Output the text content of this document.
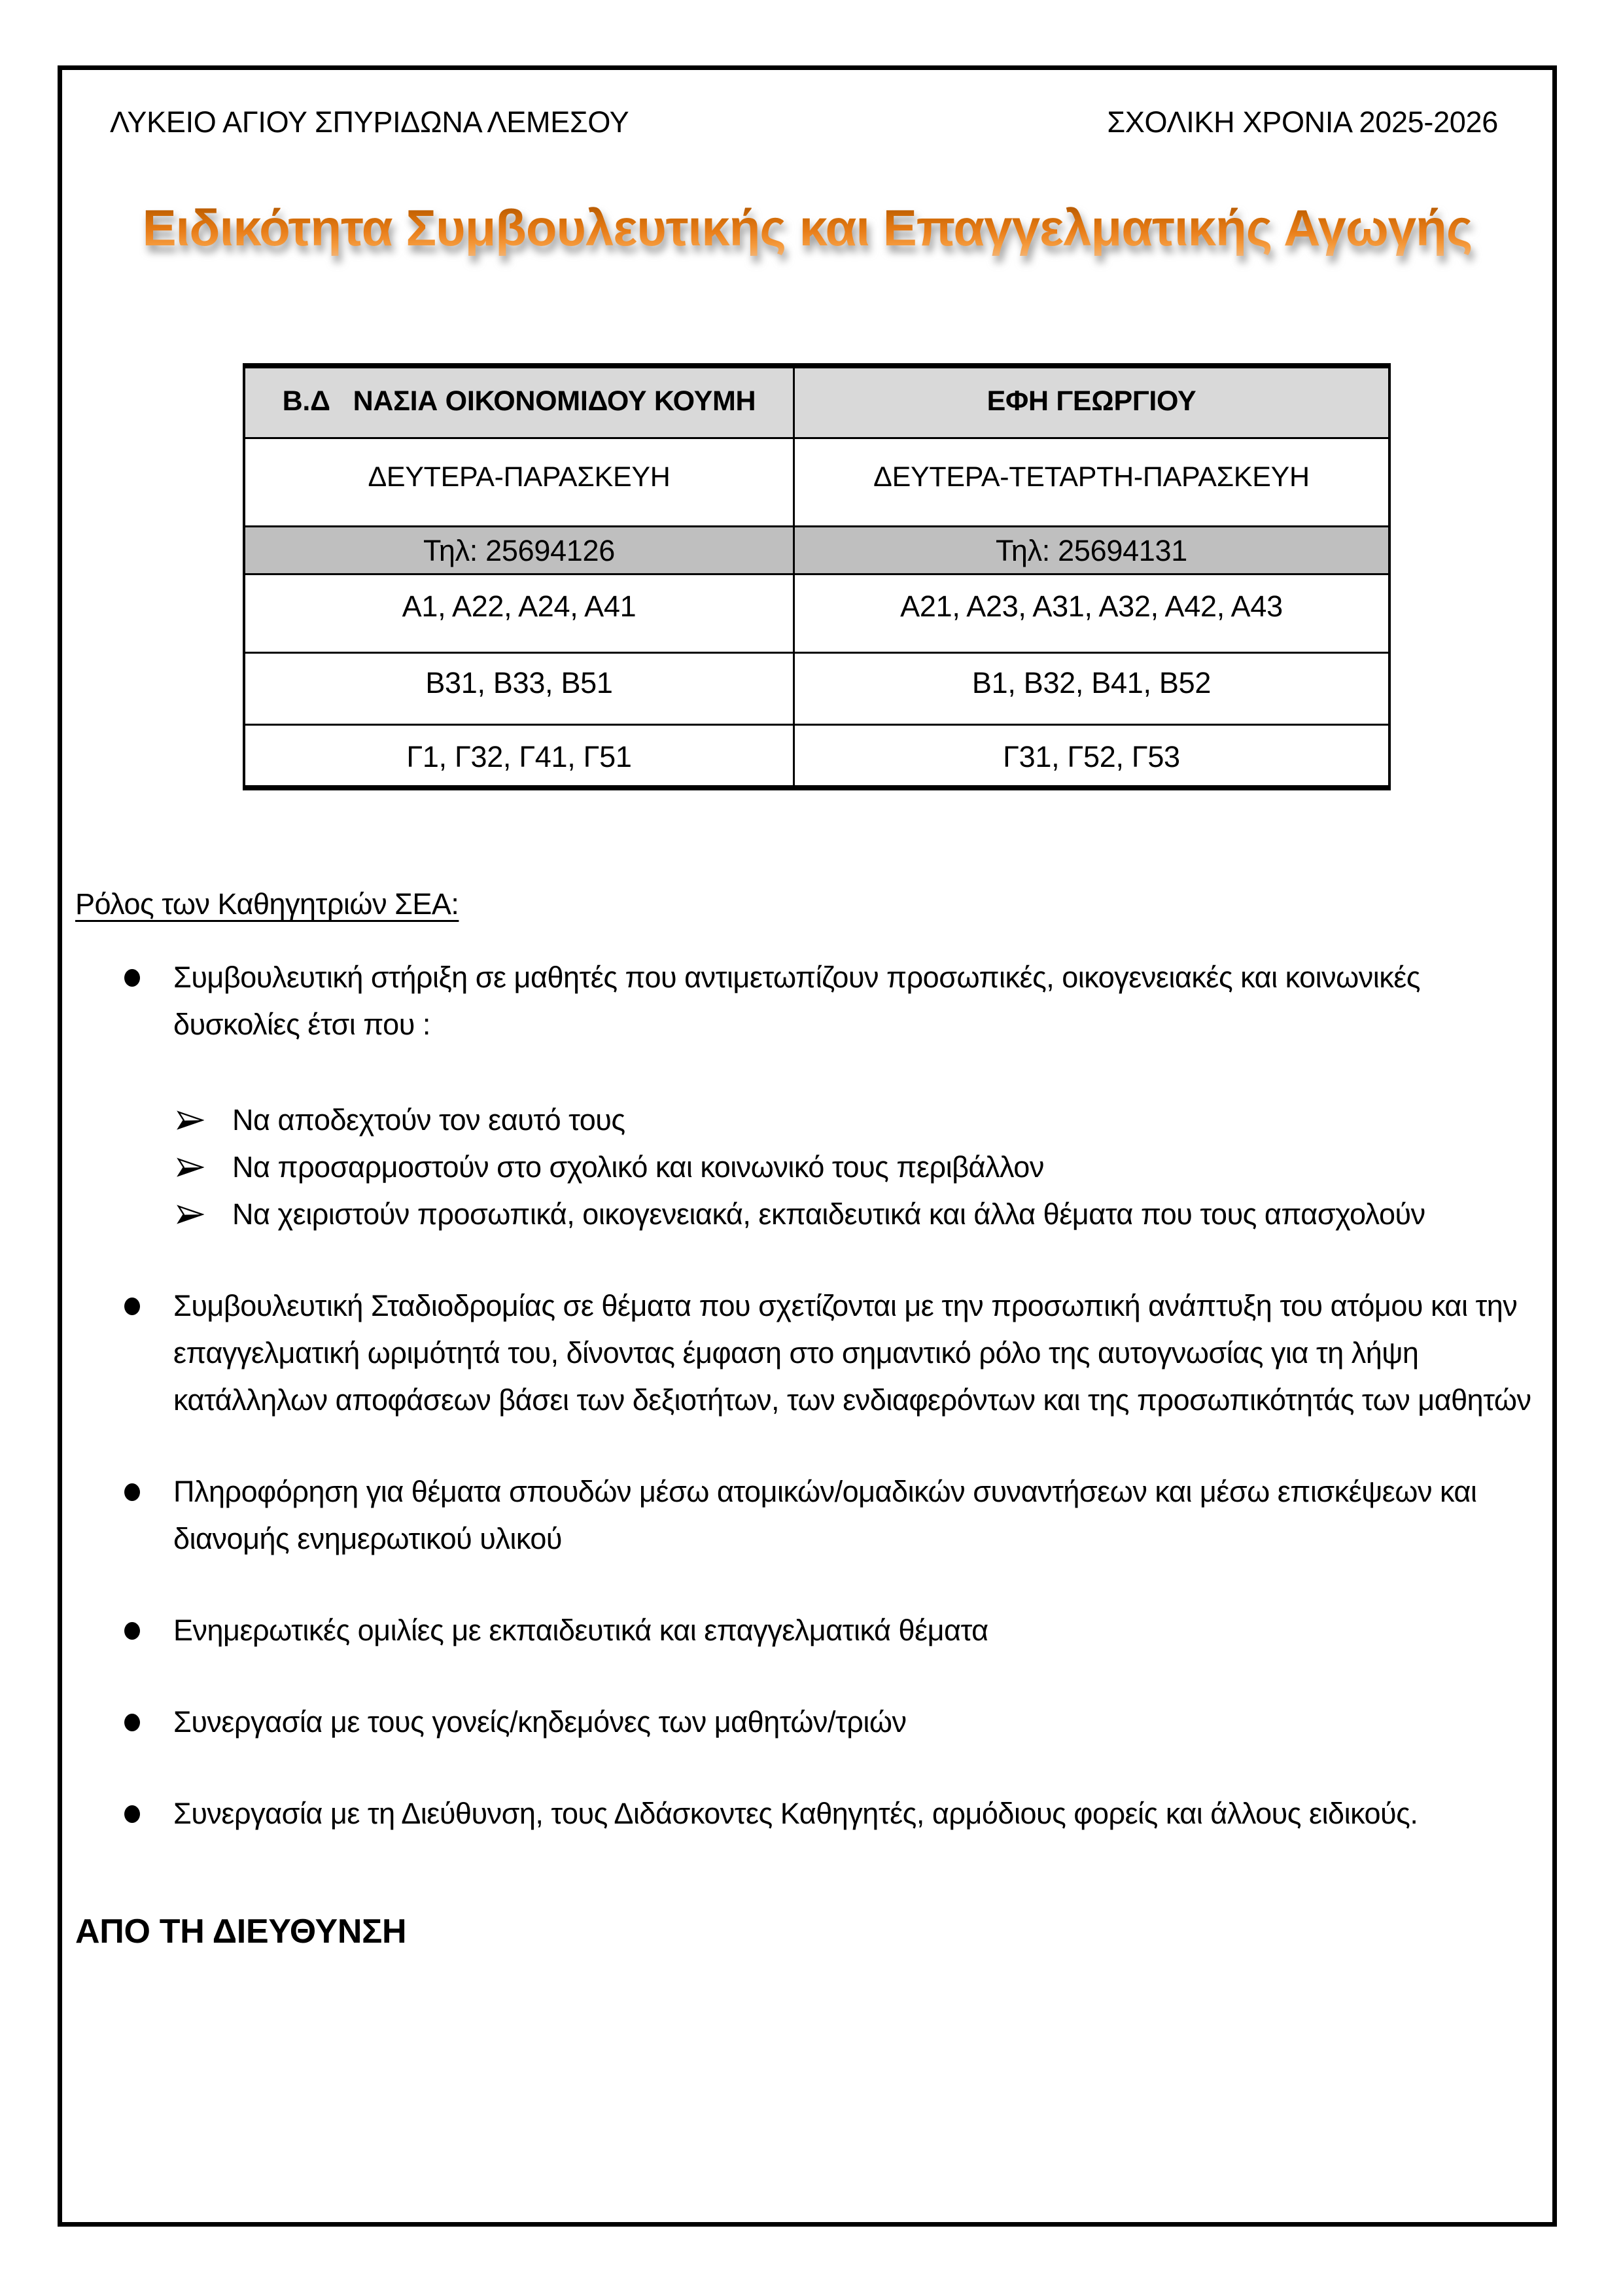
ΛΥΚΕΙΟ ΑΓΙΟΥ ΣΠΥΡΙΔΩΝΑ ΛΕΜΕΣΟΥ	ΣΧΟΛΙΚΗ ΧΡΟΝΙΑ 2025-2026
Ειδικότητα Συμβουλευτικής και Επαγγελματικής Αγωγής
Β.Δ   ΝΑΣΙΑ ΟΙΚΟΝΟΜΙΔΟΥ ΚΟΥΜΗ	ΕΦΗ ΓΕΩΡΓΙΟΥ
ΔΕΥΤΕΡΑ-ΠΑΡΑΣΚΕΥΗ	ΔΕΥΤΕΡΑ-ΤΕΤΑΡΤΗ-ΠΑΡΑΣΚΕΥΗ
Τηλ: 25694126	Τηλ: 25694131
Α1, Α22, Α24, Α41	Α21, Α23, Α31, Α32, Α42, Α43
Β31, Β33, Β51	Β1, Β32, Β41, Β52
Γ1, Γ32, Γ41, Γ51	Γ31, Γ52, Γ53
Ρόλος των Καθηγητριών ΣΕΑ:
Συμβουλευτική στήριξη σε μαθητές που αντιμετωπίζουν προσωπικές, οικογενειακές και κοινωνικές δυσκολίες έτσι που :
Να αποδεχτούν τον εαυτό τους
Να προσαρμοστούν στο σχολικό και κοινωνικό τους περιβάλλον
Να χειριστούν προσωπικά, οικογενειακά, εκπαιδευτικά και άλλα θέματα που τους απασχολούν
Συμβουλευτική Σταδιοδρομίας σε θέματα που σχετίζονται με την προσωπική ανάπτυξη του ατόμου και την επαγγελματική ωριμότητά του, δίνοντας έμφαση στο σημαντικό ρόλο της αυτογνωσίας για τη λήψη κατάλληλων αποφάσεων βάσει των δεξιοτήτων, των ενδιαφερόντων και της προσωπικότητάς των μαθητών
Πληροφόρηση για θέματα σπουδών μέσω ατομικών/ομαδικών συναντήσεων και μέσω επισκέψεων και διανομής ενημερωτικού υλικού
Ενημερωτικές ομιλίες με εκπαιδευτικά και επαγγελματικά θέματα
Συνεργασία με τους γονείς/κηδεμόνες των μαθητών/τριών
Συνεργασία με τη Διεύθυνση, τους Διδάσκοντες Καθηγητές, αρμόδιους φορείς και άλλους ειδικούς.
ΑΠΟ ΤΗ ΔΙΕΥΘΥΝΣΗ
